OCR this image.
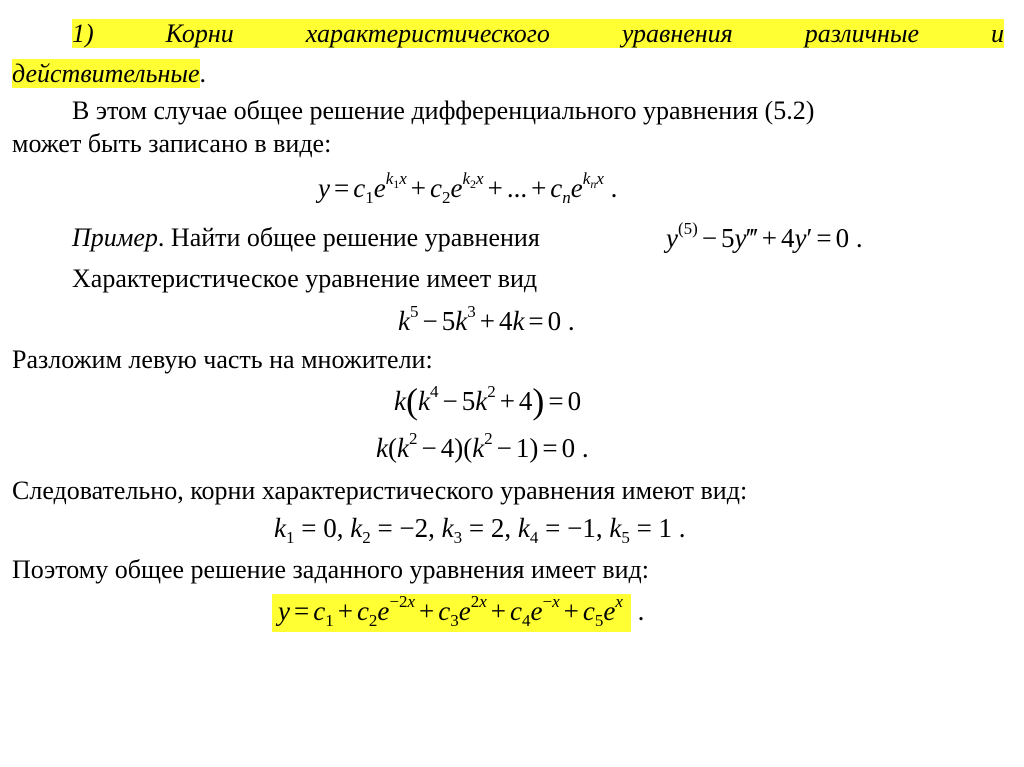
1) Корни характеристического уравнения различные и
действительные.
В этом случае общее решение дифференциального уравнения (5.2)
может быть записано в виде:
$y = c_1e^{k_1x} + c_2e^{k_2x}$ + ... + $c_ne^{k_nx}$ .
Пример. Найти общее решение уравнения	$y^{(5)}$ − 5y‴ + 4y′ = 0 .
Характеристическое уравнение имеет вид
$k^5 - 5k^3 + 4k = 0$ .
Разложим левую часть на множители:
$k(k^4 - 5k^2 + 4) = 0$
$k(k^2 - 4)(k^2 - 1) = 0$ .
Следовательно, корни характеристического уравнения имеют вид:
$k_1 = 0$, $k_2 = -2$, $k_3 = 2$, $k_4 = -1$, $k_5 = 1$ .
Поэтому общее решение заданного уравнения имеет вид:
$y = c_1 + c_2e^{-2x} + c_3e^{2x} + c_4e^{-x} + c_5e^x$ .
